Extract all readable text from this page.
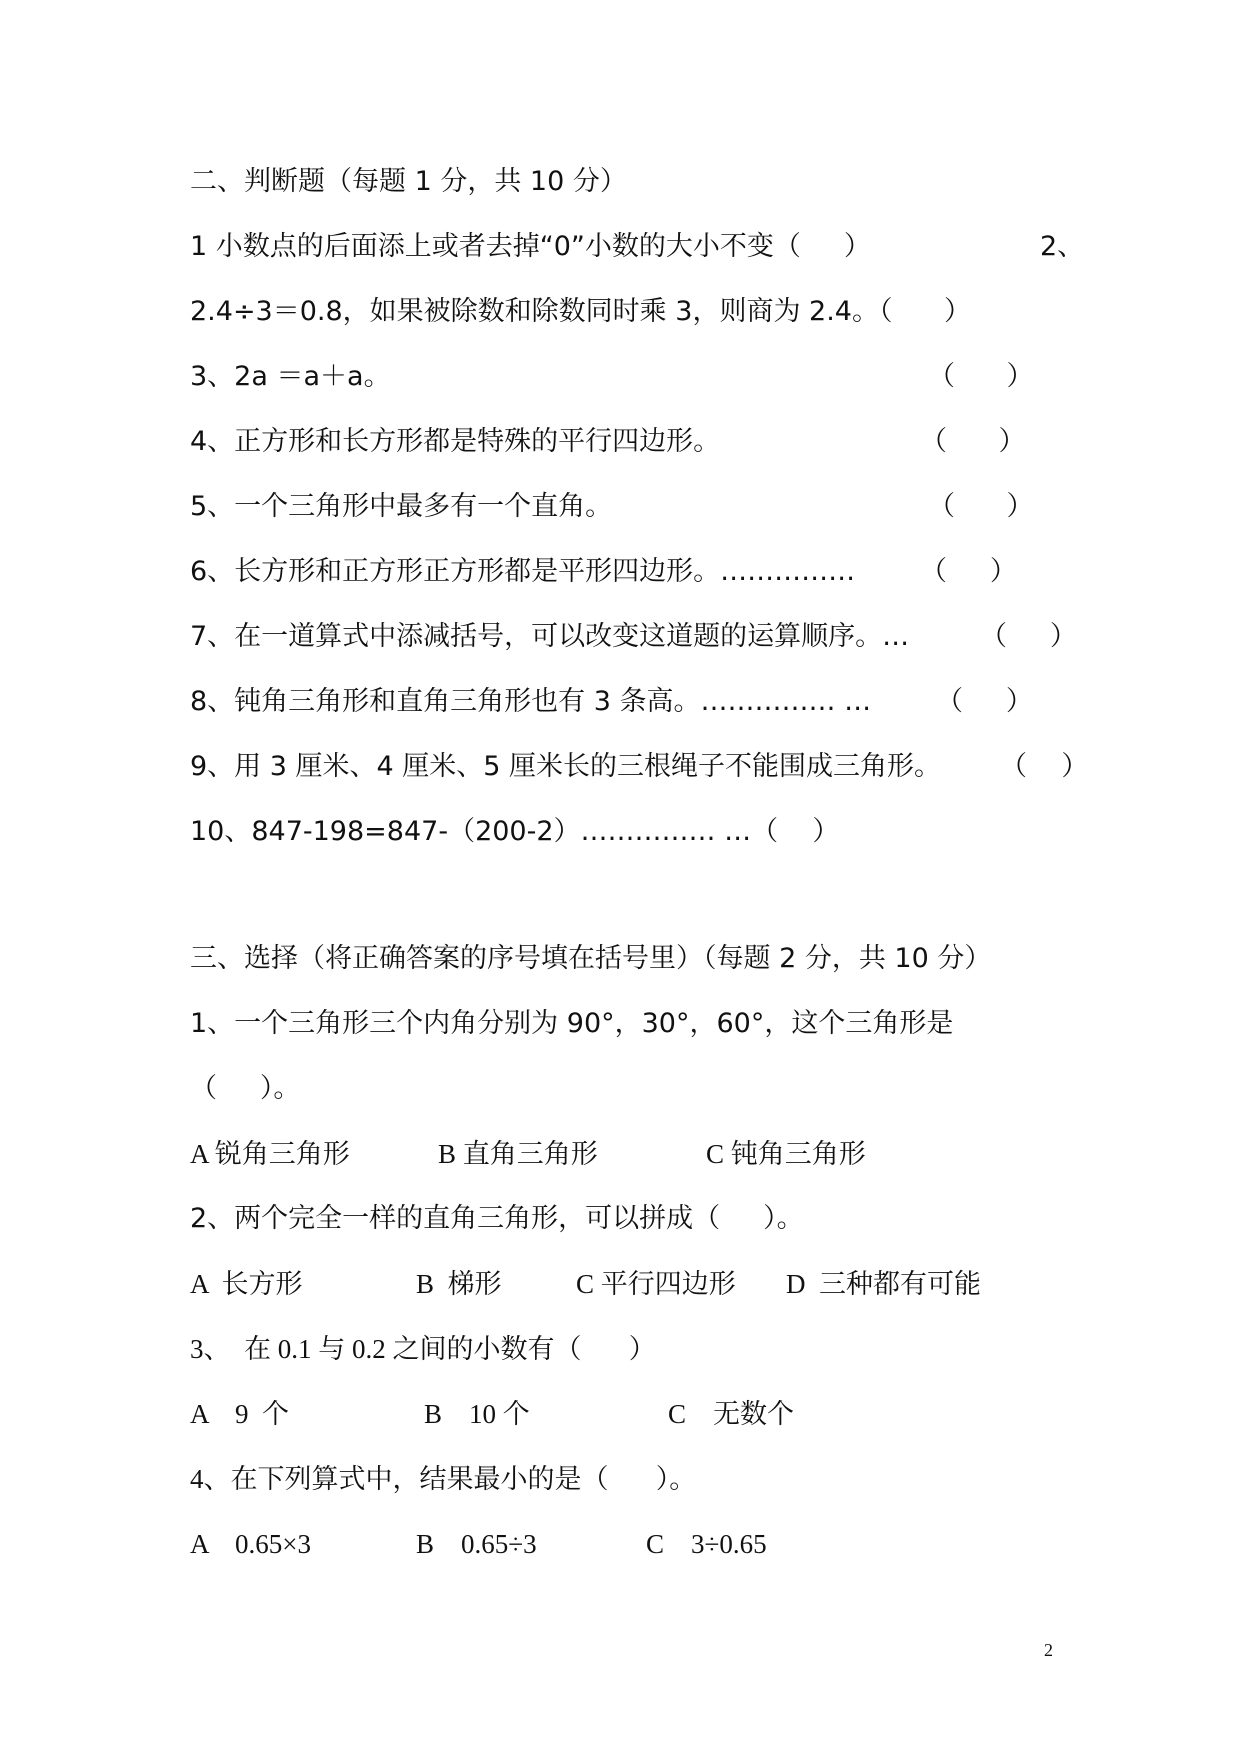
二、判断题（每题 1 分，共 10 分）
1 小数点的后面添上或者去掉“0”小数的大小不变（     ）	2、
2.4÷3＝0.8，如果被除数和除数同时乘 3，则商为 2.4。（      ）
3、2a ＝a＋a。	（      ）
4、正方形和长方形都是特殊的平行四边形。	（      ）
5、一个三角形中最多有一个直角。	（      ）
6、长方形和正方形正方形都是平形四边形。…………… （     ）
7、在一道算式中添减括号，可以改变这道题的运算顺序。…	（     ）
8、钝角三角形和直角三角形也有 3 条高。…………… … （     ）
9、用 3 厘米、4 厘米、5 厘米长的三根绳子不能围成三角形。 （    ）
10、847-198=847-（200-2）…………… …（    ）
三、选择（将正确答案的序号填在括号里）（每题 2 分，共 10 分）
1、一个三角形三个内角分别为 90°，30°，60°，这个三角形是
（     ）。
A 锐角三角形	B 直角三角形	C 钝角三角形
2、两个完全一样的直角三角形，可以拼成（     ）。
A  长方形	B  梯形	C 平行四边形 D  三种都有可能
3、  在 0.1 与 0.2 之间的小数有（       ）
A    9  个	B    10 个	C    无数个
4、在下列算式中，结果最小的是（       ）。
A    0.65×3	B    0.65÷3	C    3÷0.65
2
